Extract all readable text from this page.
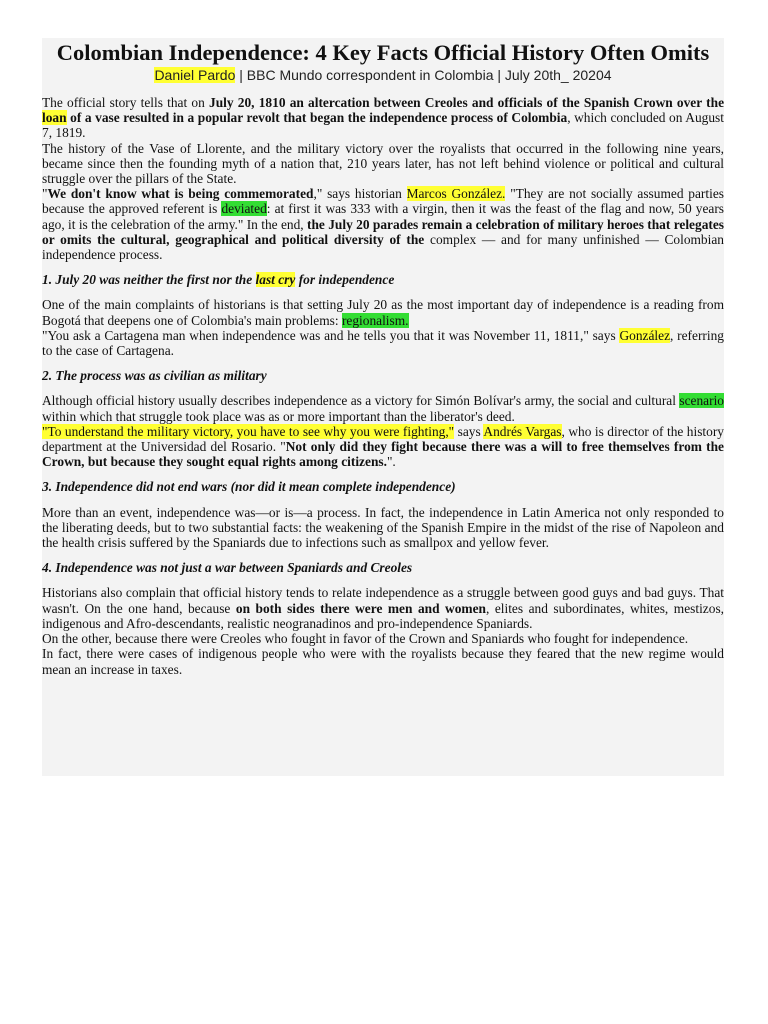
Colombian Independence: 4 Key Facts Official History Often Omits
Daniel Pardo | BBC Mundo correspondent in Colombia | July 20th_ 20204

The official story tells that on July 20, 1810 an altercation between Creoles and officials of the Spanish Crown over the loan of a vase resulted in a popular revolt that began the independence process of Colombia, which concluded on August 7, 1819.

The history of the Vase of Llorente, and the military victory over the royalists that occurred in the following nine years, became since then the founding myth of a nation that, 210 years later, has not left behind violence or political and cultural struggle over the pillars of the State.

"We don't know what is being commemorated," says historian Marcos González. "They are not socially assumed parties because the approved referent is deviated: at first it was 333 with a virgin, then it was the feast of the flag and now, 50 years ago, it is the celebration of the army." In the end, the July 20 parades remain a celebration of military heroes that relegates or omits the cultural, geographical and political diversity of the complex — and for many unfinished — Colombian independence process.

1. July 20 was neither the first nor the last cry for independence

One of the main complaints of historians is that setting July 20 as the most important day of independence is a reading from Bogotá that deepens one of Colombia's main problems: regionalism.

"You ask a Cartagena man when independence was and he tells you that it was November 11, 1811," says González, referring to the case of Cartagena.

2. The process was as civilian as military

Although official history usually describes independence as a victory for Simón Bolívar's army, the social and cultural scenario within which that struggle took place was as or more important than the liberator's deed.

"To understand the military victory, you have to see why you were fighting," says Andrés Vargas, who is director of the history department at the Universidad del Rosario. "Not only did they fight because there was a will to free themselves from the Crown, but because they sought equal rights among citizens.".

3. Independence did not end wars (nor did it mean complete independence)

More than an event, independence was—or is—a process. In fact, the independence in Latin America not only responded to the liberating deeds, but to two substantial facts: the weakening of the Spanish Empire in the midst of the rise of Napoleon and the health crisis suffered by the Spaniards due to infections such as smallpox and yellow fever.

4. Independence was not just a war between Spaniards and Creoles

Historians also complain that official history tends to relate independence as a struggle between good guys and bad guys. That wasn't. On the one hand, because on both sides there were men and women, elites and subordinates, whites, mestizos, indigenous and Afro-descendants, realistic neogranadinos and pro-independence Spaniards.

On the other, because there were Creoles who fought in favor of the Crown and Spaniards who fought for independence.

In fact, there were cases of indigenous people who were with the royalists because they feared that the new regime would mean an increase in taxes.
